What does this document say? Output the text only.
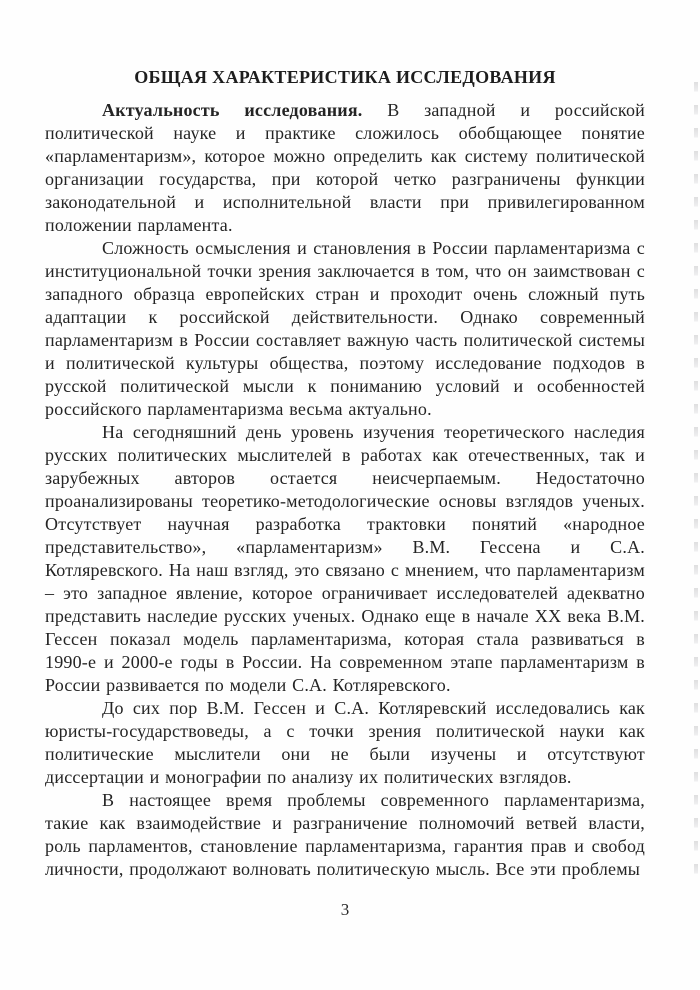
ОБЩАЯ ХАРАКТЕРИСТИКА ИССЛЕДОВАНИЯ

Актуальность исследования. В западной и российской политической науке и практике сложилось обобщающее понятие «парламентаризм», которое можно определить как систему политической организации государства, при которой четко разграничены функции законодательной и исполнительной власти при привилегированном положении парламента.

Сложность осмысления и становления в России парламентаризма с институциональной точки зрения заключается в том, что он заимствован с западного образца европейских стран и проходит очень сложный путь адаптации к российской действительности. Однако современный парламентаризм в России составляет важную часть политической системы и политической культуры общества, поэтому исследование подходов в русской политической мысли к пониманию условий и особенностей российского парламентаризма весьма актуально.

На сегодняшний день уровень изучения теоретического наследия русских политических мыслителей в работах как отечественных, так и зарубежных авторов остается неисчерпаемым. Недостаточно проанализированы теоретико-методологические основы взглядов ученых. Отсутствует научная разработка трактовки понятий «народное представительство», «парламентаризм» В.М. Гессена и С.А. Котляревского. На наш взгляд, это связано с мнением, что парламентаризм – это западное явление, которое ограничивает исследователей адекватно представить наследие русских ученых. Однако еще в начале XX века В.М. Гессен показал модель парламентаризма, которая стала развиваться в 1990-е и 2000-е годы в России. На современном этапе парламентаризм в России развивается по модели С.А. Котляревского.

До сих пор В.М. Гессен и С.А. Котляревский исследовались как юристы-государствоведы, а с точки зрения политической науки как политические мыслители они не были изучены и отсутствуют диссертации и монографии по анализу их политических взглядов.

В настоящее время проблемы современного парламентаризма, такие как взаимодействие и разграничение полномочий ветвей власти, роль парламентов, становление парламентаризма, гарантия прав и свобод личности, продолжают волновать политическую мысль. Все эти проблемы

3
